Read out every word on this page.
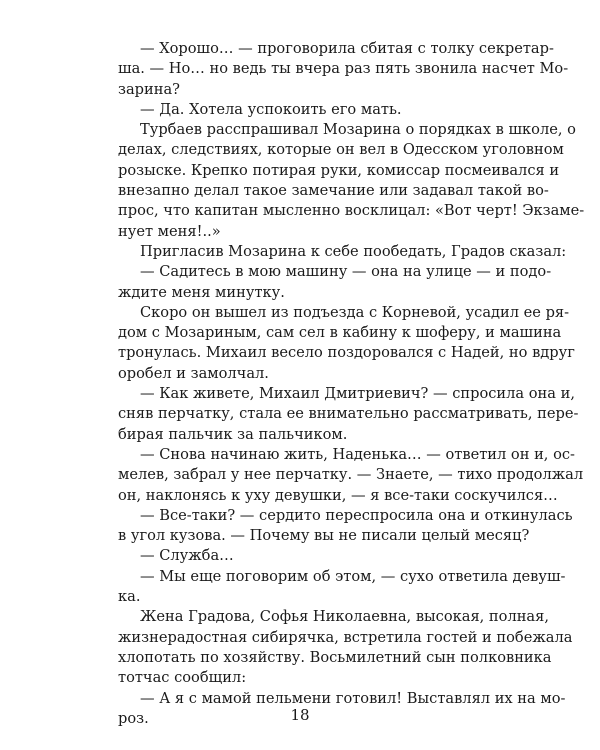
— Хорошо… — проговорила сбитая с толку секретар-
ша. — Но… но ведь ты вчера раз пять звонила насчет Мо-
зарина?
— Да. Хотела успокоить его мать.
Турбаев расспрашивал Мозарина о порядках в школе, о
делах, следствиях, которые он вел в Одесском уголовном
розыске. Крепко потирая руки, комиссар посмеивался и
внезапно делал такое замечание или задавал такой во-
прос, что капитан мысленно восклицал: «Вот черт! Экзаме-
нует меня!..»
Пригласив Мозарина к себе пообедать, Градов сказал:
— Садитесь в мою машину — она на улице — и подо-
ждите меня минутку.
Скоро он вышел из подъезда с Корневой, усадил ее ря-
дом с Мозариным, сам сел в кабину к шоферу, и машина
тронулась. Михаил весело поздоровался с Надей, но вдруг
оробел и замолчал.
— Как живете, Михаил Дмитриевич? — спросила она и,
сняв перчатку, стала ее внимательно рассматривать, пере-
бирая пальчик за пальчиком.
— Снова начинаю жить, Наденька… — ответил он и, ос-
мелев, забрал у нее перчатку. — Знаете, — тихо продолжал
он, наклонясь к уху девушки, — я все-таки соскучился…
— Все-таки? — сердито переспросила она и откинулась
в угол кузова. — Почему вы не писали целый месяц?
— Служба…
— Мы еще поговорим об этом, — сухо ответила девуш-
ка.
Жена Градова, Софья Николаевна, высокая, полная,
жизнерадостная сибирячка, встретила гостей и побежала
хлопотать по хозяйству. Восьмилетний сын полковника
тотчас сообщил:
— А я с мамой пельмени готовил! Выставлял их на мо-
роз.	18
